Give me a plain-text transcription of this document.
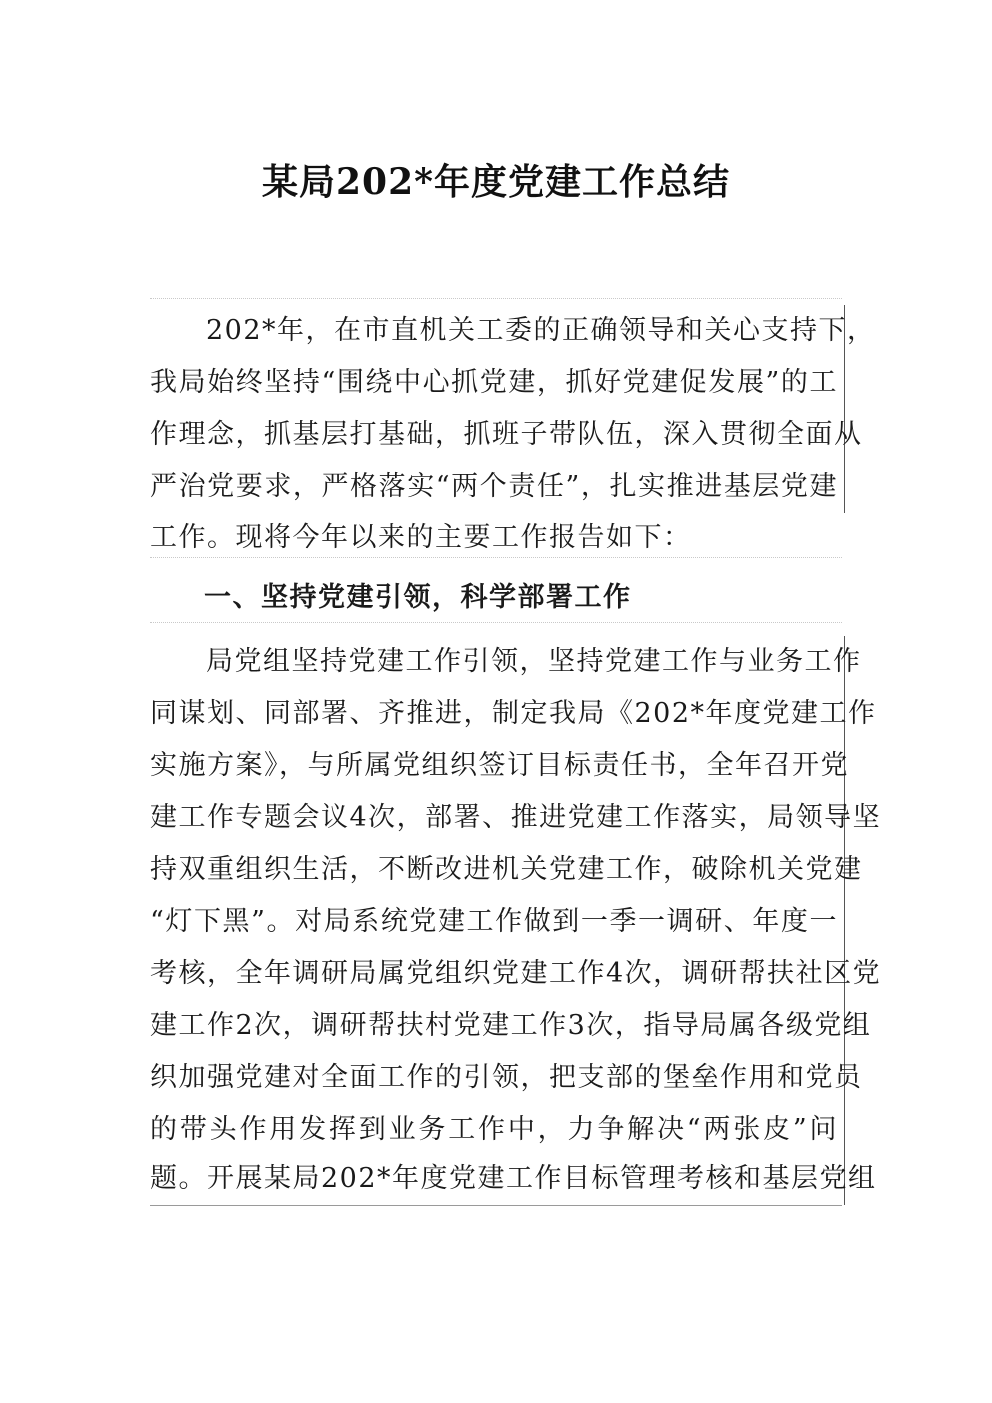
某局202*年度党建工作总结
202*年，在市直机关工委的正确领导和关心支持下，
我局始终坚持“围绕中心抓党建，抓好党建促发展”的工
作理念，抓基层打基础，抓班子带队伍，深入贯彻全面从
严治党要求，严格落实“两个责任”，扎实推进基层党建
工作。现将今年以来的主要工作报告如下：
一、坚持党建引领，科学部署工作
局党组坚持党建工作引领，坚持党建工作与业务工作
同谋划、同部署、齐推进，制定我局《202*年度党建工作
实施方案》，与所属党组织签订目标责任书，全年召开党
建工作专题会议4次，部署、推进党建工作落实，局领导坚
持双重组织生活，不断改进机关党建工作，破除机关党建
“灯下黑”。对局系统党建工作做到一季一调研、年度一
考核，全年调研局属党组织党建工作4次，调研帮扶社区党
建工作2次，调研帮扶村党建工作3次，指导局属各级党组
织加强党建对全面工作的引领，把支部的堡垒作用和党员
的带头作用发挥到业务工作中，力争解决“两张皮”问
题。开展某局202*年度党建工作目标管理考核和基层党组
